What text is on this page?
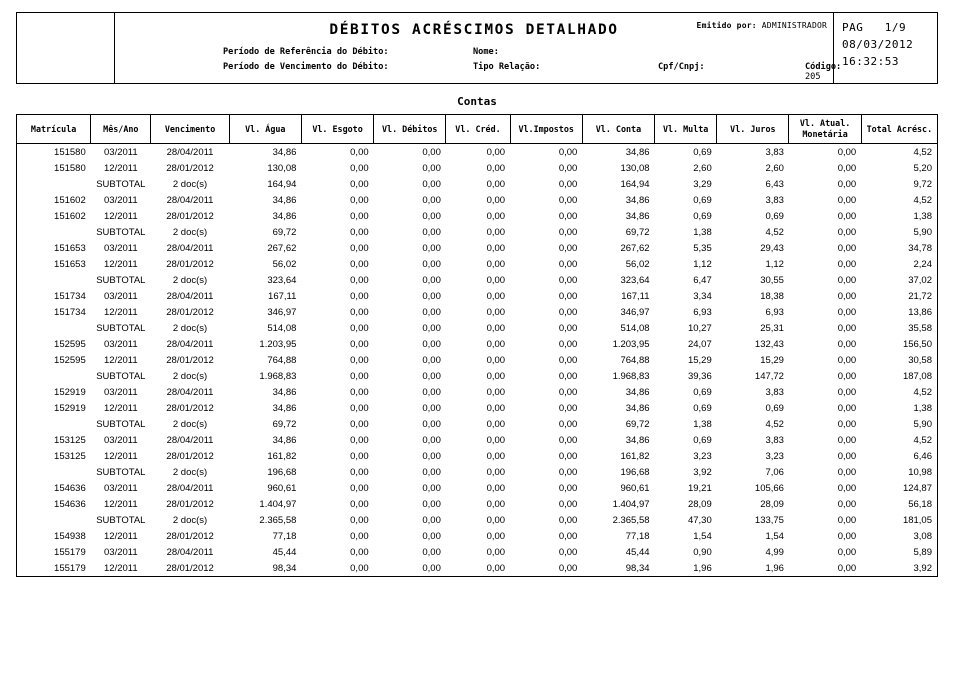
DÉBITOS ACRÉSCIMOS DETALHADO	Emitido por: ADMINISTRADOR
Período de Referência do Débito:	Nome:
Período de Vencimento do Débito:	Tipo Relação:	Cpf/Cnpj:	Código: 205
PAG 1/9
08/03/2012
16:32:53
Contas
Matrícula	Mês/Ano	Vencimento	Vl. Água	Vl. Esgoto	Vl. Débitos	Vl. Créd.	Vl.Impostos	Vl. Conta	Vl. Multa	Vl. Juros	Vl. Atual. Monetária	Total Acrésc.
151580	03/2011	28/04/2011	34,86	0,00	0,00	0,00	0,00	34,86	0,69	3,83	0,00	4,52
151580	12/2011	28/01/2012	130,08	0,00	0,00	0,00	0,00	130,08	2,60	2,60	0,00	5,20
	SUBTOTAL	2 doc(s)	164,94	0,00	0,00	0,00	0,00	164,94	3,29	6,43	0,00	9,72
151602	03/2011	28/04/2011	34,86	0,00	0,00	0,00	0,00	34,86	0,69	3,83	0,00	4,52
151602	12/2011	28/01/2012	34,86	0,00	0,00	0,00	0,00	34,86	0,69	0,69	0,00	1,38
	SUBTOTAL	2 doc(s)	69,72	0,00	0,00	0,00	0,00	69,72	1,38	4,52	0,00	5,90
151653	03/2011	28/04/2011	267,62	0,00	0,00	0,00	0,00	267,62	5,35	29,43	0,00	34,78
151653	12/2011	28/01/2012	56,02	0,00	0,00	0,00	0,00	56,02	1,12	1,12	0,00	2,24
	SUBTOTAL	2 doc(s)	323,64	0,00	0,00	0,00	0,00	323,64	6,47	30,55	0,00	37,02
151734	03/2011	28/04/2011	167,11	0,00	0,00	0,00	0,00	167,11	3,34	18,38	0,00	21,72
151734	12/2011	28/01/2012	346,97	0,00	0,00	0,00	0,00	346,97	6,93	6,93	0,00	13,86
	SUBTOTAL	2 doc(s)	514,08	0,00	0,00	0,00	0,00	514,08	10,27	25,31	0,00	35,58
152595	03/2011	28/04/2011	1.203,95	0,00	0,00	0,00	0,00	1.203,95	24,07	132,43	0,00	156,50
152595	12/2011	28/01/2012	764,88	0,00	0,00	0,00	0,00	764,88	15,29	15,29	0,00	30,58
	SUBTOTAL	2 doc(s)	1.968,83	0,00	0,00	0,00	0,00	1.968,83	39,36	147,72	0,00	187,08
152919	03/2011	28/04/2011	34,86	0,00	0,00	0,00	0,00	34,86	0,69	3,83	0,00	4,52
152919	12/2011	28/01/2012	34,86	0,00	0,00	0,00	0,00	34,86	0,69	0,69	0,00	1,38
	SUBTOTAL	2 doc(s)	69,72	0,00	0,00	0,00	0,00	69,72	1,38	4,52	0,00	5,90
153125	03/2011	28/04/2011	34,86	0,00	0,00	0,00	0,00	34,86	0,69	3,83	0,00	4,52
153125	12/2011	28/01/2012	161,82	0,00	0,00	0,00	0,00	161,82	3,23	3,23	0,00	6,46
	SUBTOTAL	2 doc(s)	196,68	0,00	0,00	0,00	0,00	196,68	3,92	7,06	0,00	10,98
154636	03/2011	28/04/2011	960,61	0,00	0,00	0,00	0,00	960,61	19,21	105,66	0,00	124,87
154636	12/2011	28/01/2012	1.404,97	0,00	0,00	0,00	0,00	1.404,97	28,09	28,09	0,00	56,18
	SUBTOTAL	2 doc(s)	2.365,58	0,00	0,00	0,00	0,00	2.365,58	47,30	133,75	0,00	181,05
154938	12/2011	28/01/2012	77,18	0,00	0,00	0,00	0,00	77,18	1,54	1,54	0,00	3,08
155179	03/2011	28/04/2011	45,44	0,00	0,00	0,00	0,00	45,44	0,90	4,99	0,00	5,89
155179	12/2011	28/01/2012	98,34	0,00	0,00	0,00	0,00	98,34	1,96	1,96	0,00	3,92
